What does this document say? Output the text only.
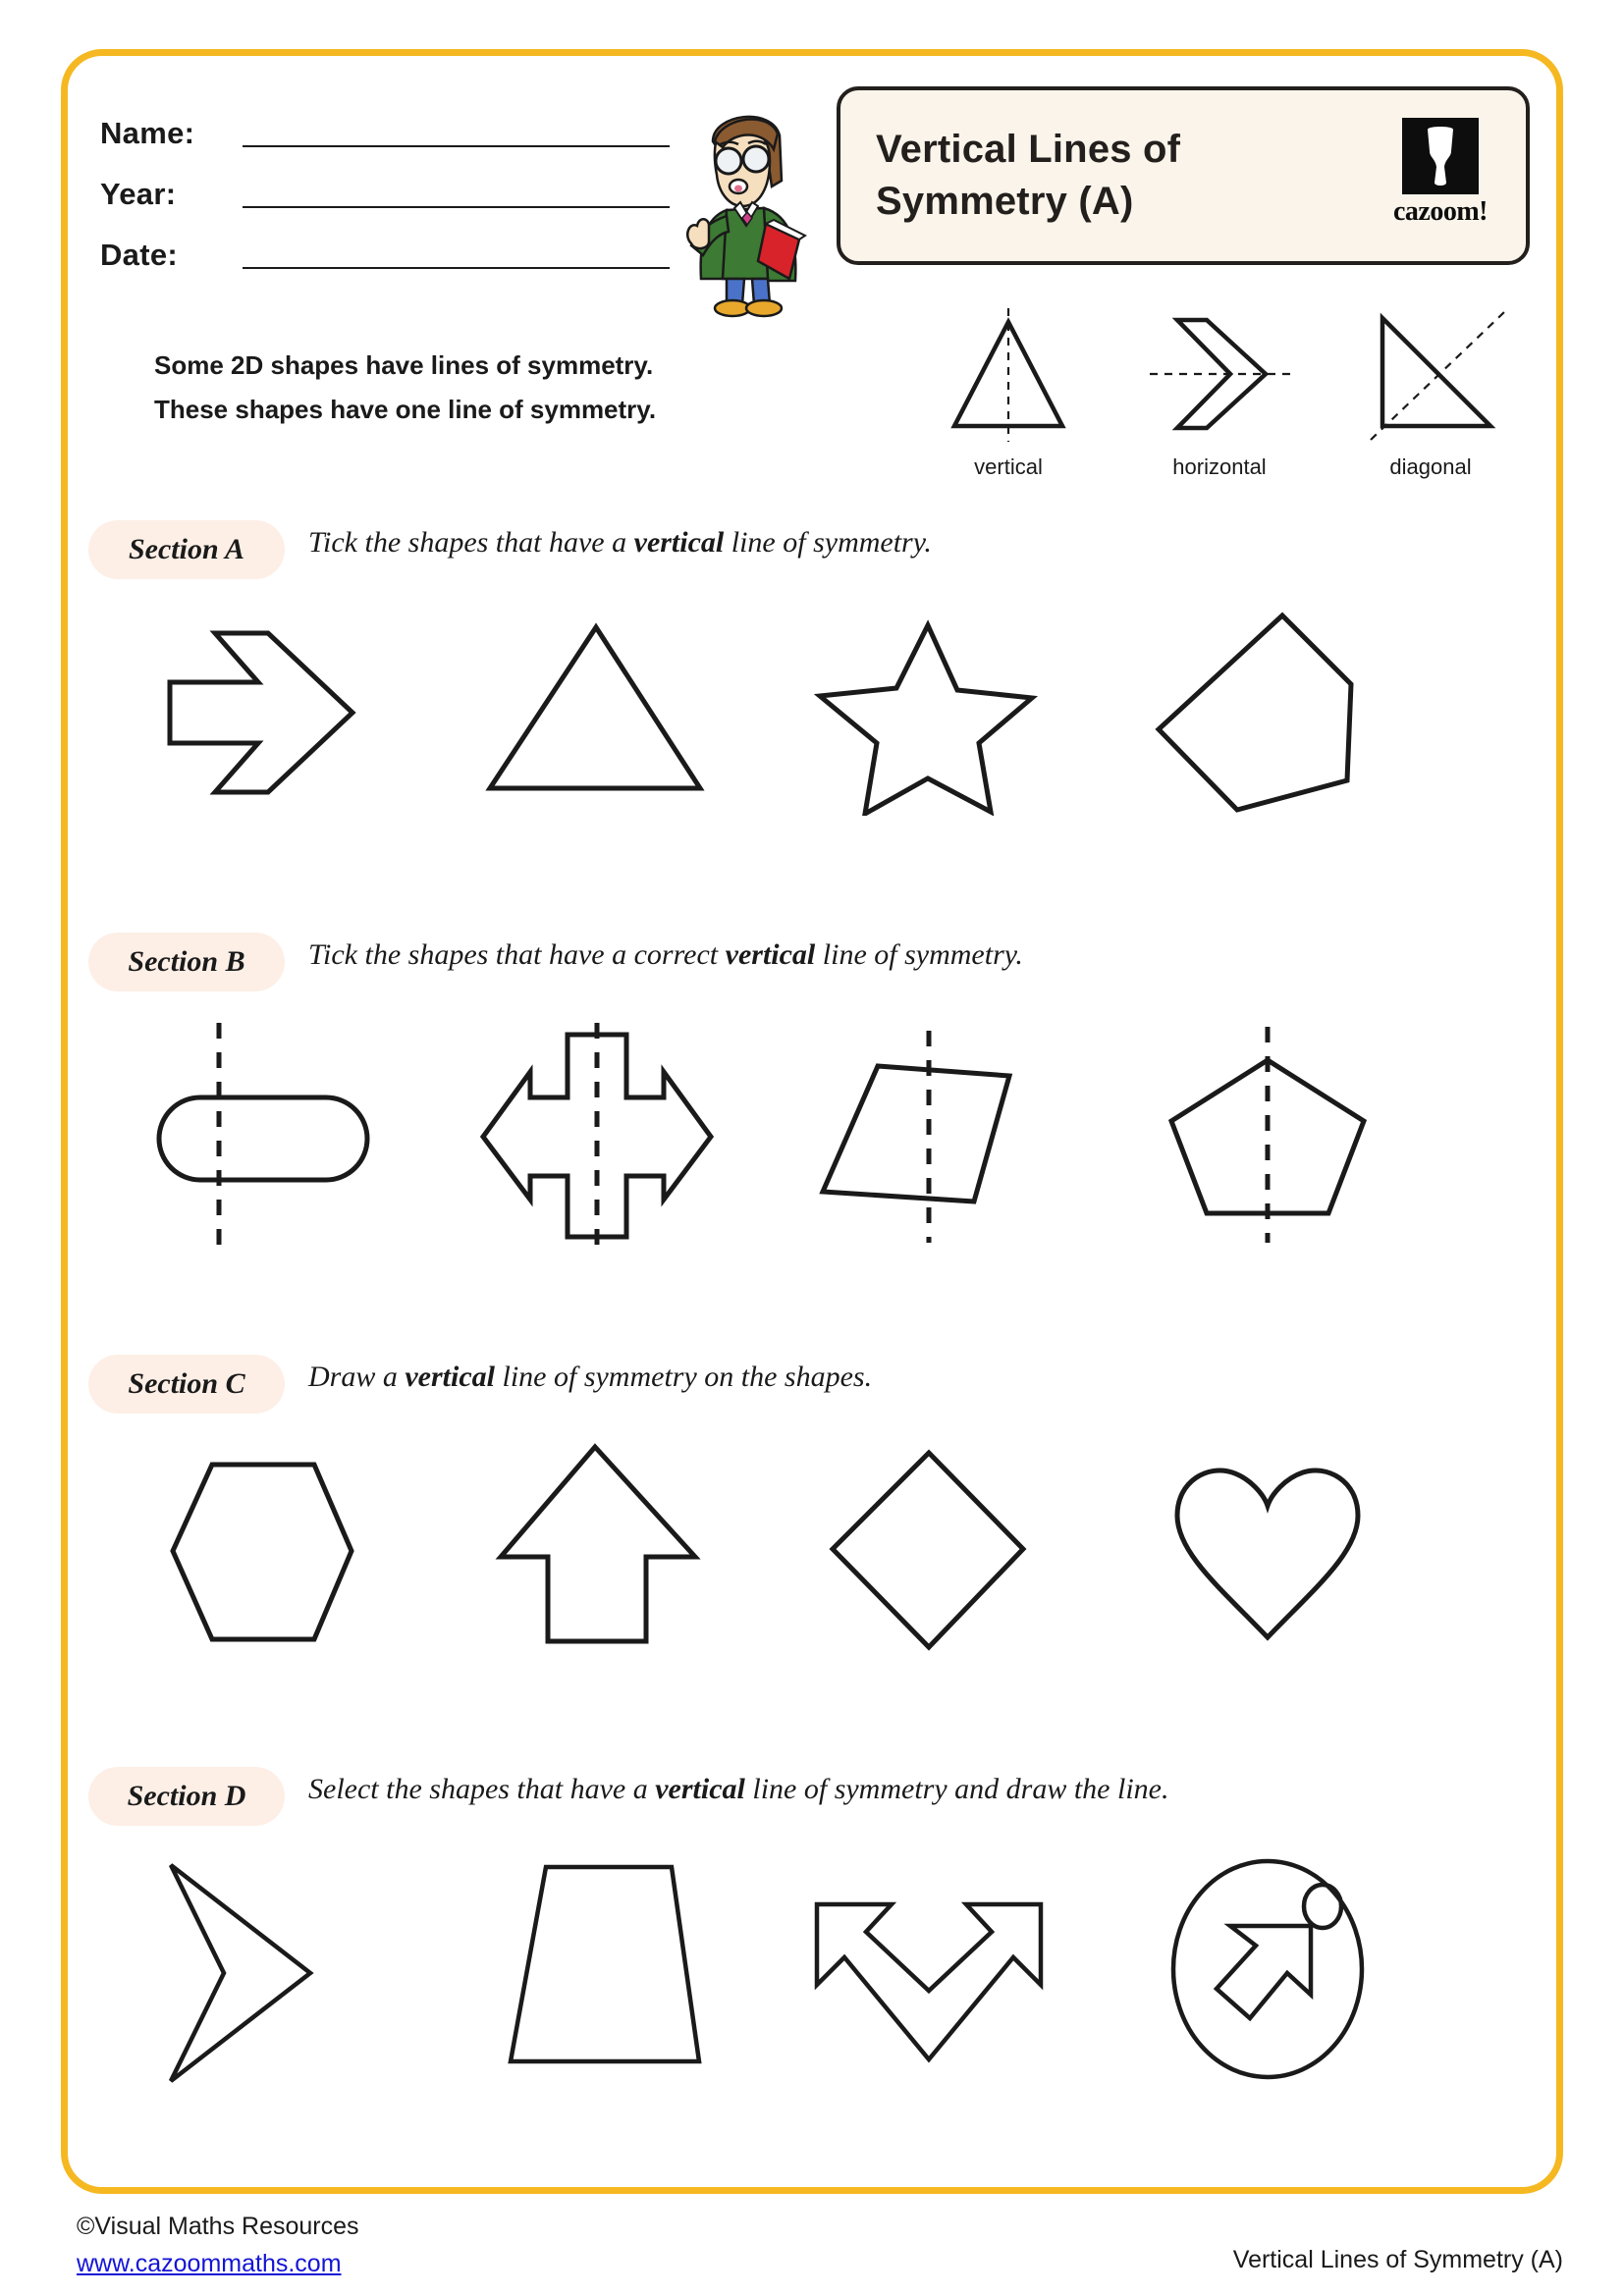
Name:
Year:
Date:
Vertical Lines of Symmetry (A)	cazoom!
Some 2D shapes have lines of symmetry.
These shapes have one line of symmetry.
vertical	horizontal	diagonal
Section A Tick the shapes that have a vertical line of symmetry.
Section B Tick the shapes that have a correct vertical line of symmetry.
Section C Draw a vertical line of symmetry on the shapes.
Section D Select the shapes that have a vertical line of symmetry and draw the line.
©Visual Maths Resources
www.cazoommaths.com	Vertical Lines of Symmetry (A)
